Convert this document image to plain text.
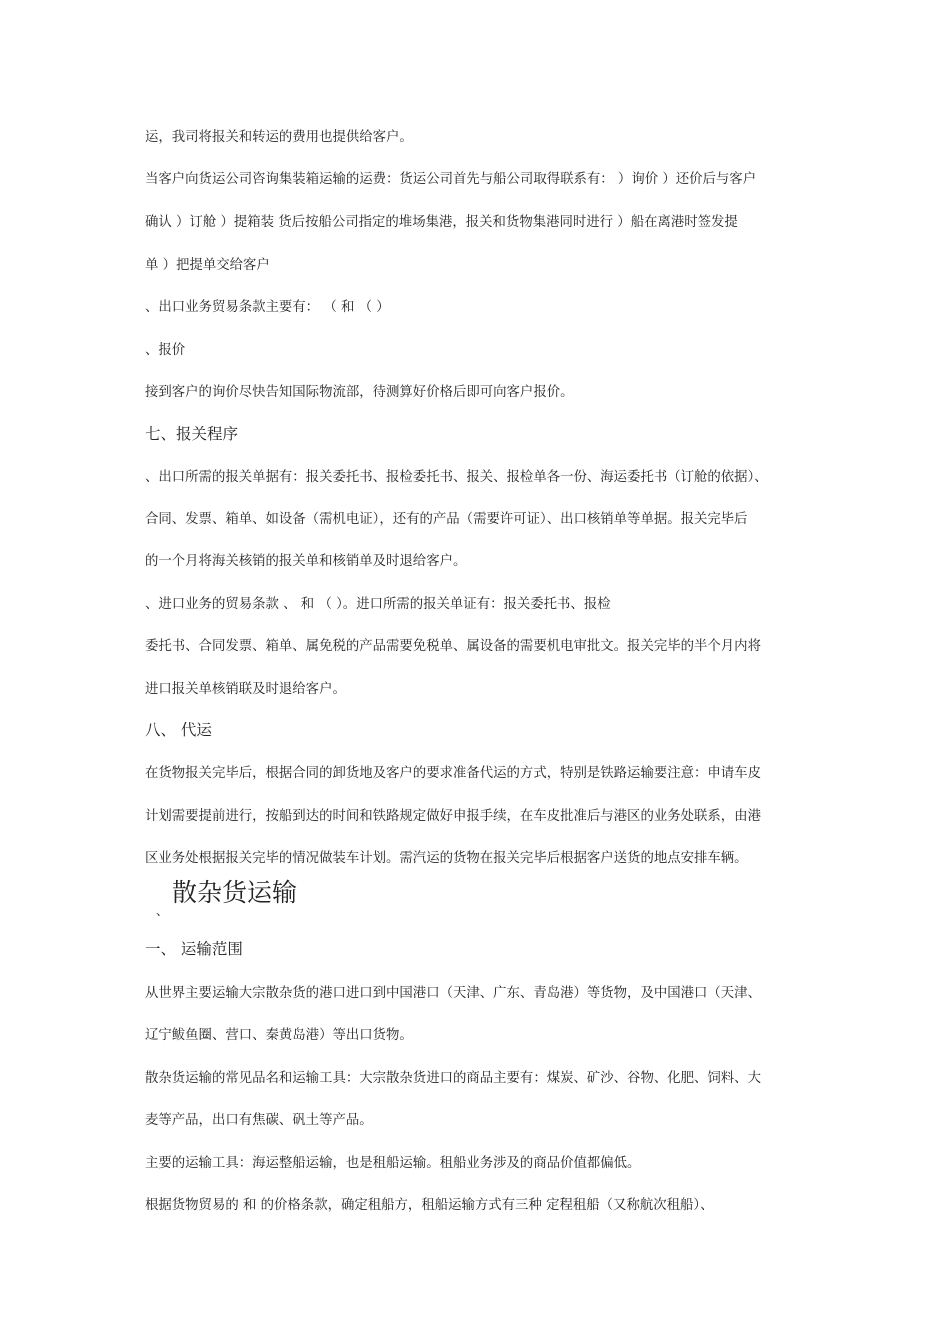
运，我司将报关和转运的费用也提供给客户。
当客户向货运公司咨询集装箱运输的运费：货运公司首先与船公司取得联系有： ）询价 ）还价后与客户
确认 ）订舱 ）提箱装 货后按船公司指定的堆场集港，报关和货物集港同时进行 ）船在离港时签发提
单 ）把提单交给客户
、出口业务贸易条款主要有： （ 和 （ ）
、报价
接到客户的询价尽快告知国际物流部，待测算好价格后即可向客户报价。
七、报关程序
、出口所需的报关单据有：报关委托书、报检委托书、报关、报检单各一份、海运委托书（订舱的依据）、
合同、发票、箱单、如设备（需机电证），还有的产品（需要许可证）、出口核销单等单据。报关完毕后
的一个月将海关核销的报关单和核销单及时退给客户。
、进口业务的贸易条款 、 和 （ ）。进口所需的报关单证有：报关委托书、报检
委托书、合同发票、箱单、属免税的产品需要免税单、属设备的需要机电审批文。报关完毕的半个月内将
进口报关单核销联及时退给客户。
八、 代运
在货物报关完毕后，根据合同的卸货地及客户的要求准备代运的方式，特别是铁路运输要注意：申请车皮
计划需要提前进行，按船到达的时间和铁路规定做好申报手续，在车皮批准后与港区的业务处联系，由港
区业务处根据报关完毕的情况做装车计划。需汽运的货物在报关完毕后根据客户送货的地点安排车辆。
散杂货运输
、
一、 运输范围
从世界主要运输大宗散杂货的港口进口到中国港口（天津、广东、青岛港）等货物，及中国港口（天津、
辽宁鲅鱼圈、营口、秦黄岛港）等出口货物。
散杂货运输的常见品名和运输工具：大宗散杂货进口的商品主要有：煤炭、矿沙、谷物、化肥、饲料、大
麦等产品，出口有焦碳、矾土等产品。
主要的运输工具：海运整船运输，也是租船运输。租船业务涉及的商品价值都偏低。
根据货物贸易的 和 的价格条款，确定租船方，租船运输方式有三种 定程租船（又称航次租船）、
